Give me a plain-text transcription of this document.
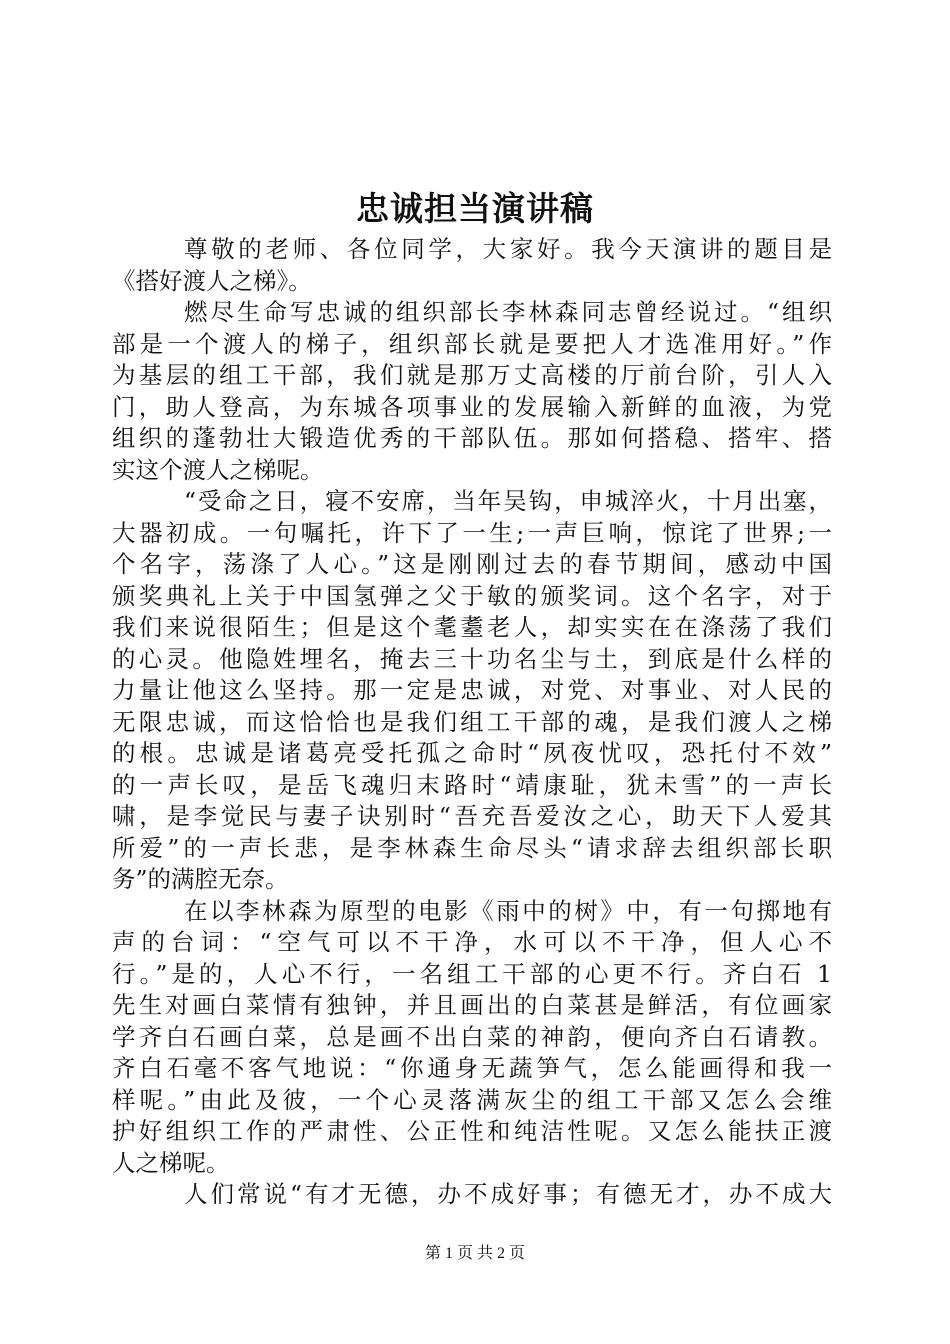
忠诚担当演讲稿
尊敬的老师、各位同学，大家好。我今天演讲的题目是
《搭好渡人之梯》。
燃尽生命写忠诚的组织部长李林森同志曾经说过。“组织
部是一个渡人的梯子，组织部长就是要把人才选准用好。”作
为基层的组工干部，我们就是那万丈高楼的厅前台阶，引人入
门，助人登高，为东城各项事业的发展输入新鲜的血液，为党
组织的蓬勃壮大锻造优秀的干部队伍。那如何搭稳、搭牢、搭
实这个渡人之梯呢。
“受命之日，寝不安席，当年吴钩，申城淬火，十月出塞，
大器初成。一句嘱托，许下了一生;一声巨响，惊诧了世界;一
个名字，荡涤了人心。”这是刚刚过去的春节期间，感动中国
颁奖典礼上关于中国氢弹之父于敏的颁奖词。这个名字，对于
我们来说很陌生；但是这个耄耋老人，却实实在在涤荡了我们
的心灵。他隐姓埋名，掩去三十功名尘与土，到底是什么样的
力量让他这么坚持。那一定是忠诚，对党、对事业、对人民的
无限忠诚，而这恰恰也是我们组工干部的魂，是我们渡人之梯
的根。忠诚是诸葛亮受托孤之命时“夙夜忧叹，恐托付不效”
的一声长叹，是岳飞魂归末路时“靖康耻，犹未雪”的一声长
啸，是李觉民与妻子诀别时“吾充吾爱汝之心，助天下人爱其
所爱”的一声长悲，是李林森生命尽头“请求辞去组织部长职
务”的满腔无奈。
在以李林森为原型的电影《雨中的树》中，有一句掷地有
声的台词：“空气可以不干净，水可以不干净，但人心不
行。”是的，人心不行，一名组工干部的心更不行。齐白石 1
先生对画白菜情有独钟，并且画出的白菜甚是鲜活，有位画家
学齐白石画白菜，总是画不出白菜的神韵，便向齐白石请教。
齐白石毫不客气地说：“你通身无蔬笋气，怎么能画得和我一
样呢。”由此及彼，一个心灵落满灰尘的组工干部又怎么会维
护好组织工作的严肃性、公正性和纯洁性呢。又怎么能扶正渡
人之梯呢。
人们常说“有才无德，办不成好事；有德无才，办不成大
第 1 页 共 2 页
